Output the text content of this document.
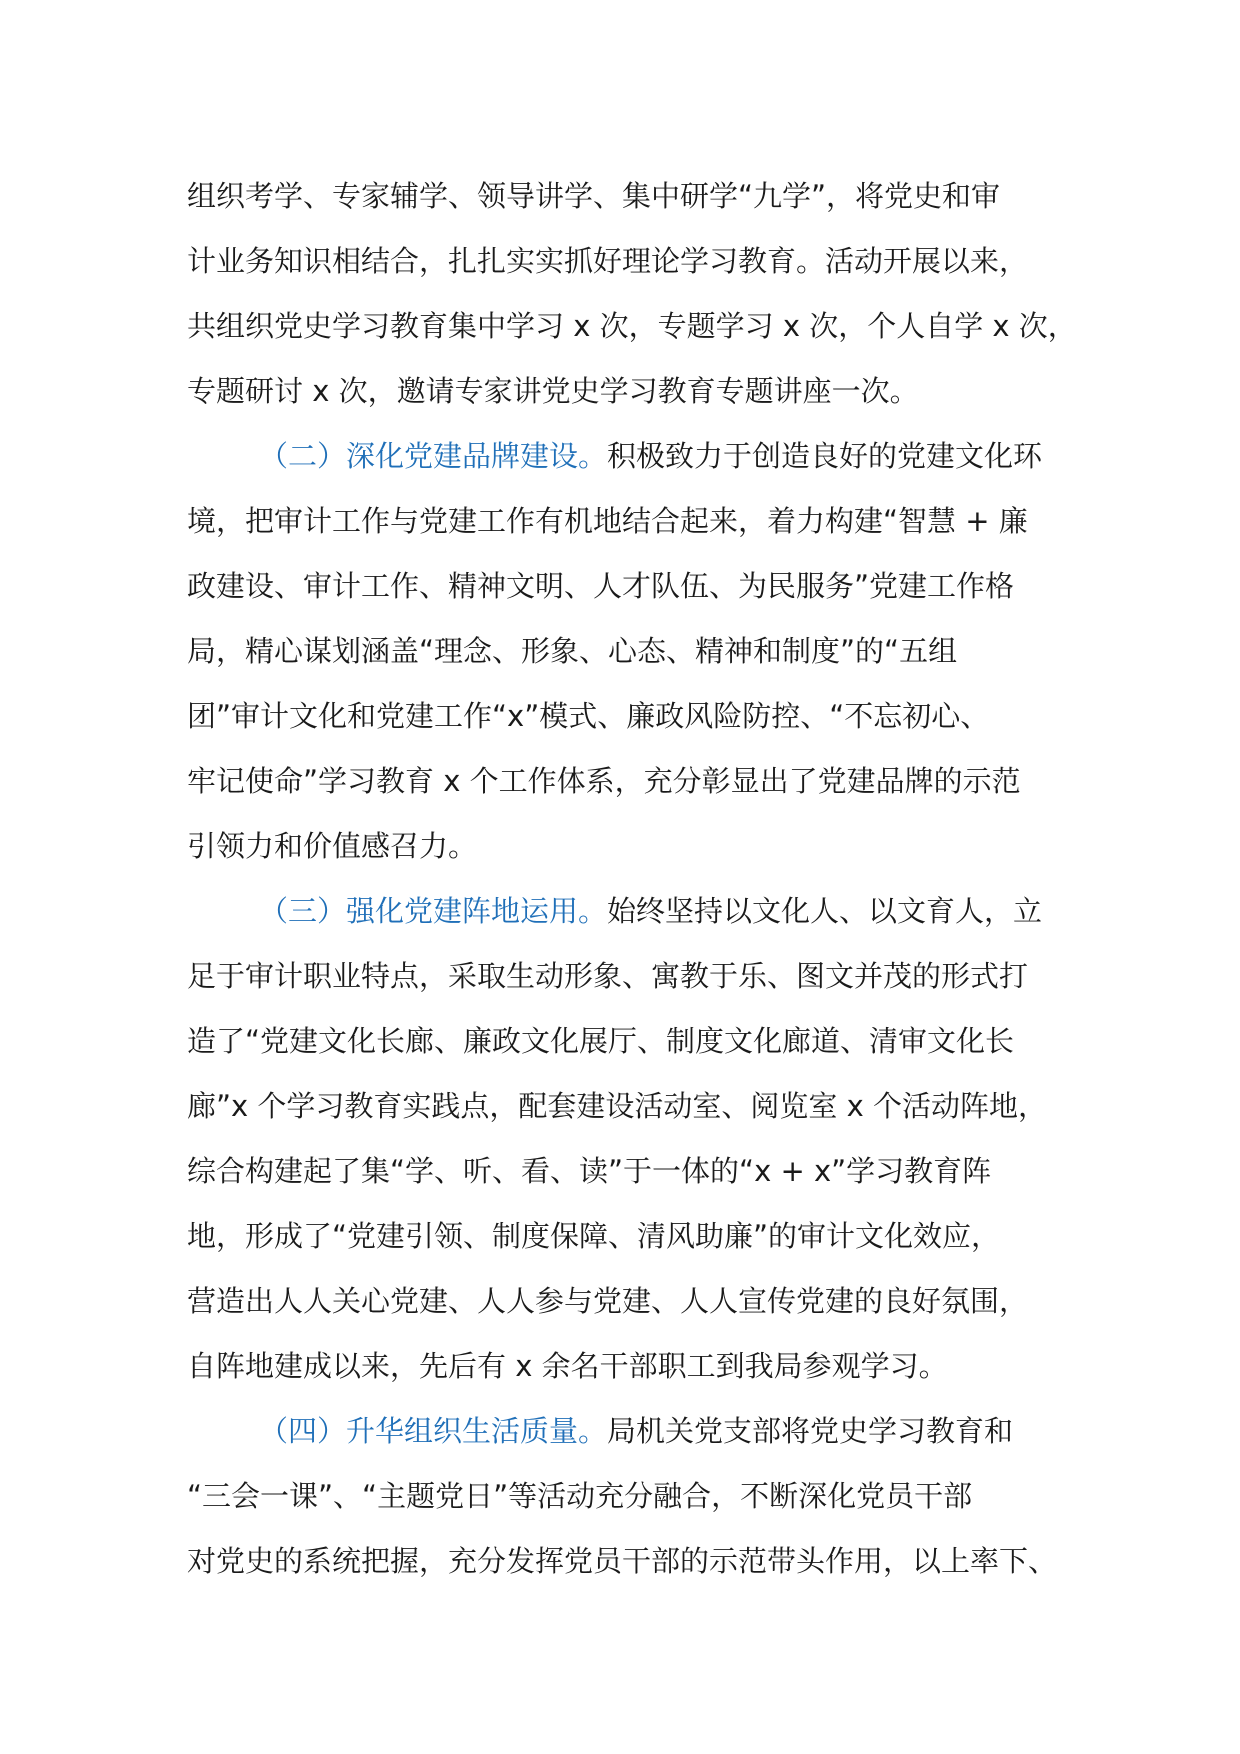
组织考学、专家辅学、领导讲学、集中研学“九学”，将党史和审
计业务知识相结合，扎扎实实抓好理论学习教育。活动开展以来，
共组织党史学习教育集中学习 x 次，专题学习 x 次，个人自学 x 次，
专题研讨 x 次，邀请专家讲党史学习教育专题讲座一次。
（二）深化党建品牌建设。积极致力于创造良好的党建文化环
境，把审计工作与党建工作有机地结合起来，着力构建“智慧 + 廉
政建设、审计工作、精神文明、人才队伍、为民服务”党建工作格
局，精心谋划涵盖“理念、形象、心态、精神和制度”的“五组
团”审计文化和党建工作“x”模式、廉政风险防控、“不忘初心、
牢记使命”学习教育 x 个工作体系，充分彰显出了党建品牌的示范
引领力和价值感召力。
（三）强化党建阵地运用。始终坚持以文化人、以文育人，立
足于审计职业特点，采取生动形象、寓教于乐、图文并茂的形式打
造了“党建文化长廊、廉政文化展厅、制度文化廊道、清审文化长
廊”x 个学习教育实践点，配套建设活动室、阅览室 x 个活动阵地，
综合构建起了集“学、听、看、读”于一体的“x + x”学习教育阵
地，形成了“党建引领、制度保障、清风助廉”的审计文化效应，
营造出人人关心党建、人人参与党建、人人宣传党建的良好氛围，
自阵地建成以来，先后有 x 余名干部职工到我局参观学习。
（四）升华组织生活质量。局机关党支部将党史学习教育和
“三会一课”、“主题党日”等活动充分融合，不断深化党员干部
对党史的系统把握，充分发挥党员干部的示范带头作用，以上率下、
